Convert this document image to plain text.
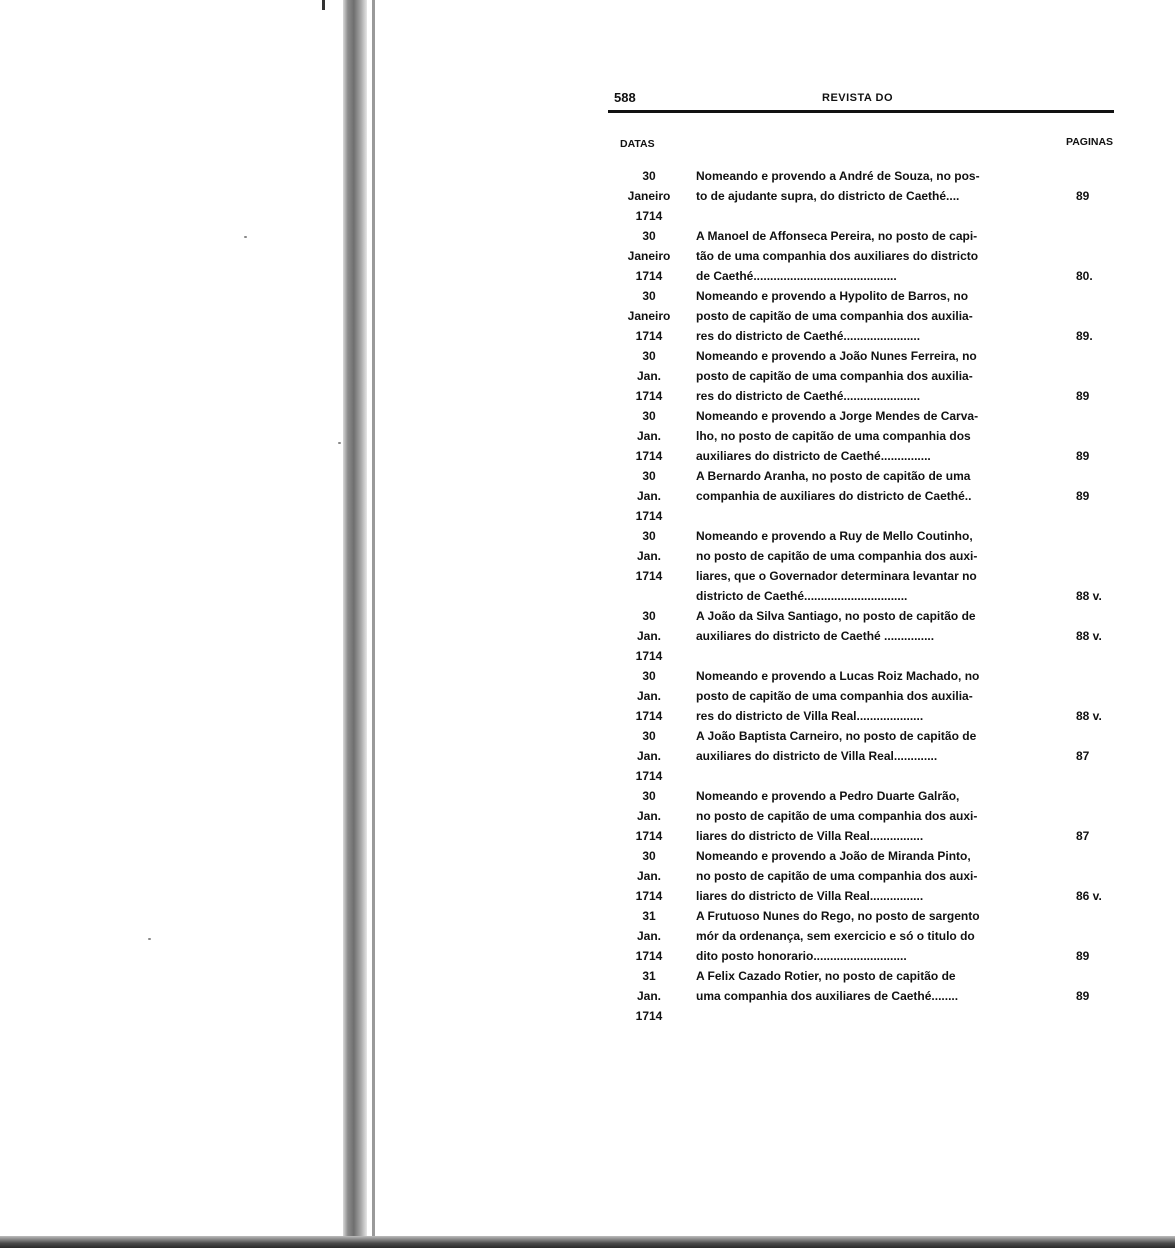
588	REVISTA DO
DATAS	PAGINAS
30
Janeiro
1714
Nomeando e provendo a André de Souza, no pos-
to de ajudante supra, do districto de Caethé....	89
30
Janeiro
1714
A Manoel de Affonseca Pereira, no posto de capi-
tão de uma companhia dos auxiliares do districto
de Caethé...........................................	80.
30
Janeiro
1714
Nomeando e provendo a Hypolito de Barros, no
posto de capitão de uma companhia dos auxilia-
res do districto de Caethé.......................	89.
30
Jan.
1714
Nomeando e provendo a João Nunes Ferreira, no
posto de capitão de uma companhia dos auxilia-
res do districto de Caethé.......................	89
30
Jan.
1714
Nomeando e provendo a Jorge Mendes de Carva-
lho, no posto de capitão de uma companhia dos
auxiliares do districto de Caethé...............	89
30
Jan.
1714
A Bernardo Aranha, no posto de capitão de uma
companhia de auxiliares do districto de Caethé..	89
30
Jan.
1714
Nomeando e provendo a Ruy de Mello Coutinho,
no posto de capitão de uma companhia dos auxi-
liares, que o Governador determinara levantar no
districto de Caethé...............................	88 v.
30
Jan.
1714
A João da Silva Santiago, no posto de capitão de
auxiliares do districto de Caethé ...............	88 v.
30
Jan.
1714
Nomeando e provendo a Lucas Roiz Machado, no
posto de capitão de uma companhia dos auxilia-
res do districto de Villa Real....................	88 v.
30
Jan.
1714
A João Baptista Carneiro, no posto de capitão de
auxiliares do districto de Villa Real.............	87
30
Jan.
1714
Nomeando e provendo a Pedro Duarte Galrão,
no posto de capitão de uma companhia dos auxi-
liares do districto de Villa Real................	87
30
Jan.
1714
Nomeando e provendo a João de Miranda Pinto,
no posto de capitão de uma companhia dos auxi-
liares do districto de Villa Real................	86 v.
31
Jan.
1714
A Frutuoso Nunes do Rego, no posto de sargento
mór da ordenança, sem exercicio e só o titulo do
dito posto honorario............................	89
31
Jan.
1714
A Felix Cazado Rotier, no posto de capitão de
uma companhia dos auxiliares de Caethé........	89
